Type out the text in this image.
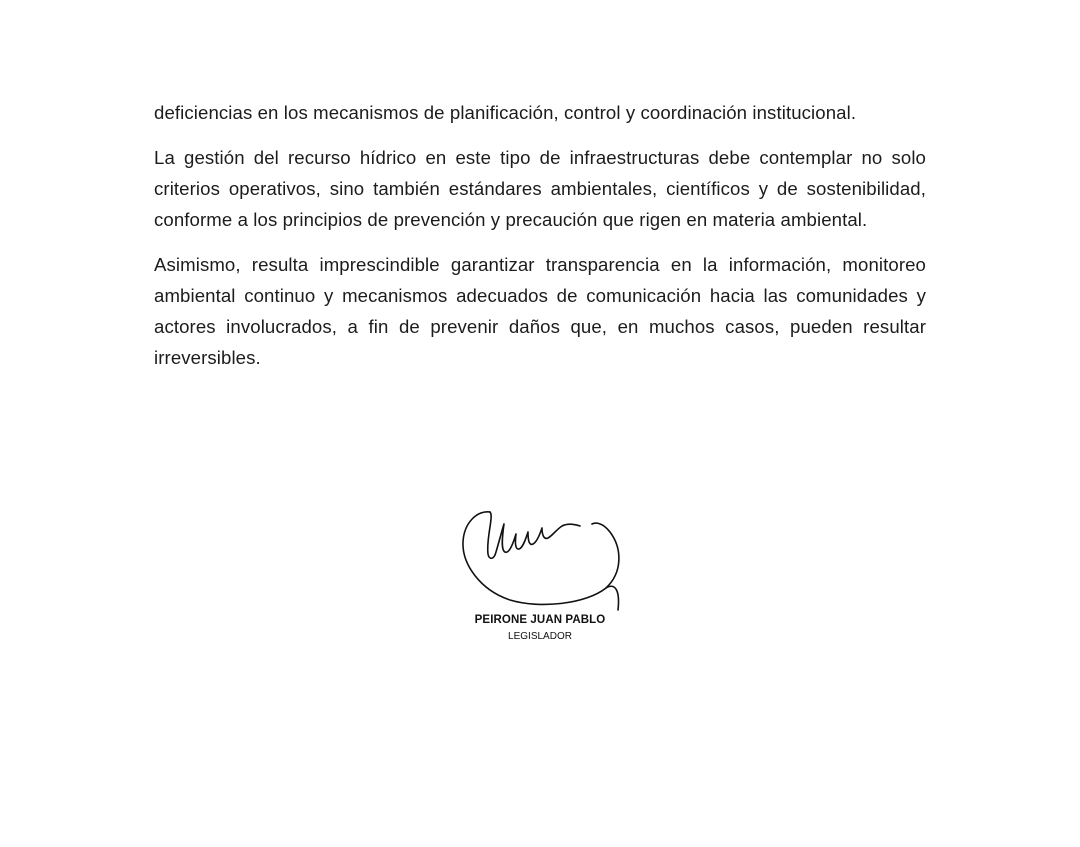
deficiencias en los mecanismos de planificación, control y coordinación institucional.

La gestión del recurso hídrico en este tipo de infraestructuras debe contemplar no solo criterios operativos, sino también estándares ambientales, científicos y de sostenibilidad, conforme a los principios de prevención y precaución que rigen en materia ambiental.

Asimismo, resulta imprescindible garantizar transparencia en la información, monitoreo ambiental continuo y mecanismos adecuados de comunicación hacia las comunidades y actores involucrados, a fin de prevenir daños que, en muchos casos, pueden resultar irreversibles.

PEIRONE JUAN PABLO
LEGISLADOR
